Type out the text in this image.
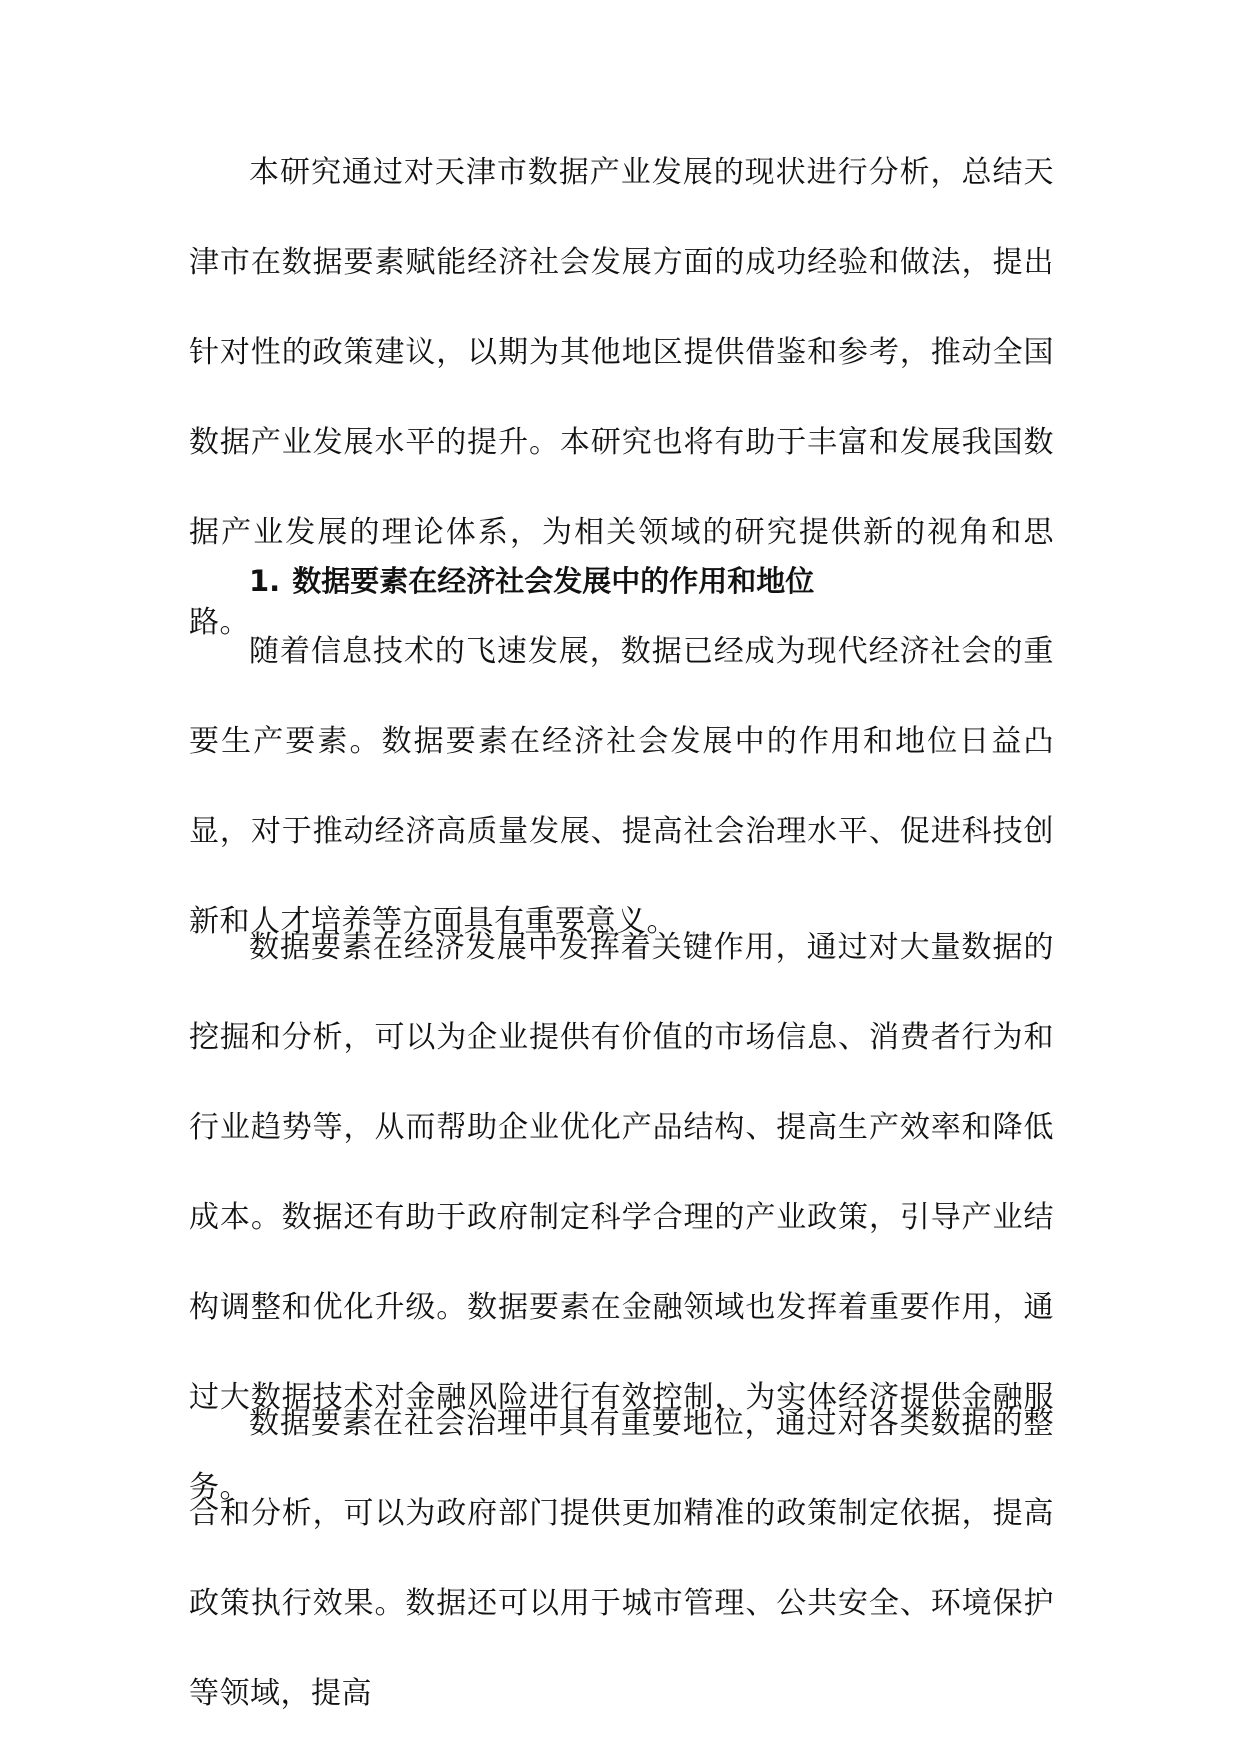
本研究通过对天津市数据产业发展的现状进行分析，总结天津市在数据要素赋能经济社会发展方面的成功经验和做法，提出针对性的政策建议，以期为其他地区提供借鉴和参考，推动全国数据产业发展水平的提升。本研究也将有助于丰富和发展我国数据产业发展的理论体系，为相关领域的研究提供新的视角和思路。

1. 数据要素在经济社会发展中的作用和地位

随着信息技术的飞速发展，数据已经成为现代经济社会的重要生产要素。数据要素在经济社会发展中的作用和地位日益凸显，对于推动经济高质量发展、提高社会治理水平、促进科技创新和人才培养等方面具有重要意义。

数据要素在经济发展中发挥着关键作用，通过对大量数据的挖掘和分析，可以为企业提供有价值的市场信息、消费者行为和行业趋势等，从而帮助企业优化产品结构、提高生产效率和降低成本。数据还有助于政府制定科学合理的产业政策，引导产业结构调整和优化升级。数据要素在金融领域也发挥着重要作用，通过大数据技术对金融风险进行有效控制，为实体经济提供金融服务。

数据要素在社会治理中具有重要地位，通过对各类数据的整合和分析，可以为政府部门提供更加精准的政策制定依据，提高政策执行效果。数据还可以用于城市管理、公共安全、环境保护等领域，提高
